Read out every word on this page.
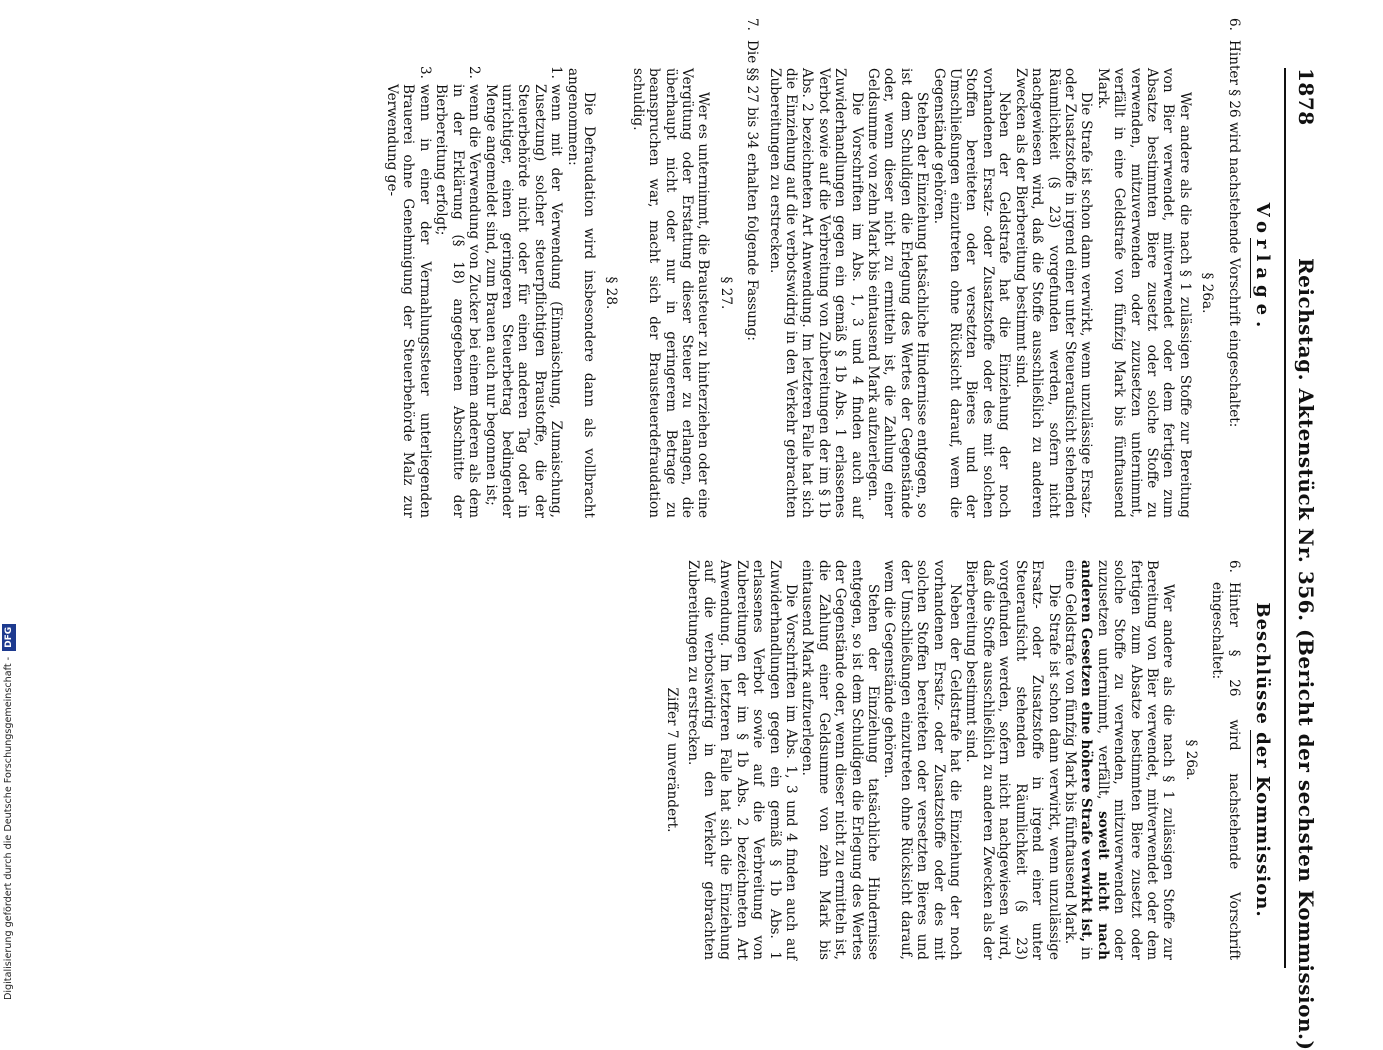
1878
Reichstag. Aktenstück Nr. 356. (Bericht der sechsten Kommission.)
Vorlage.

6.
Hinter § 26 wird nachstehende Vorschrift eingeschaltet:

§ 26a.

Wer andere als die nach § 1 zulässigen Stoffe zur Bereitung von Bier verwendet, mitverwendet oder dem fertigen zum Absatze bestimmten Biere zusetzt oder solche Stoffe zu verwenden, mitzuverwenden oder zuzusetzen unternimmt, verfällt in eine Geldstrafe von fünfzig Mark bis fünftausend Mark.

Die Strafe ist schon dann verwirkt, wenn unzulässige Ersatz- oder Zusatzstoffe in irgend einer unter Steueraufsicht stehenden Räumlichkeit (§ 23) vorgefunden werden, sofern nicht nachgewiesen wird, daß die Stoffe ausschließlich zu anderen Zwecken als der Bierbereitung bestimmt sind.

Neben der Geldstrafe hat die Einziehung der noch vorhandenen Ersatz- oder Zusatzstoffe oder des mit solchen Stoffen bereiteten oder versetzten Bieres und der Umschließungen einzutreten ohne Rücksicht darauf, wem die Gegenstände gehören.

Stehen der Einziehung tatsächliche Hindernisse entgegen, so ist dem Schuldigen die Erlegung des Wertes der Gegenstände oder, wenn dieser nicht zu ermitteln ist, die Zahlung einer Geldsumme von zehn Mark bis eintausend Mark aufzuerlegen.

Die Vorschriften im Abs. 1, 3 und 4 finden auch auf Zuwiderhandlungen gegen ein gemäß § 1b Abs. 1 erlassenes Verbot sowie auf die Verbreitung von Zubereitungen der im § 1b Abs. 2 bezeichneten Art Anwendung. Im letzteren Falle hat sich die Einziehung auf die verbotswidrig in den Verkehr gebrachten Zubereitungen zu erstrecken.

7.
Die §§ 27 bis 34 erhalten folgende Fassung:

§ 27.

Wer es unternimmt, die Brausteuer zu hinterziehen oder eine Vergütung oder Erstattung dieser Steuer zu erlangen, die überhaupt nicht oder nur in geringerem Betrage zu beanspruchen war, macht sich der Brausteuerdefraudation schuldig.

§ 28.

Die Defraudation wird insbesondere dann als vollbracht angenommen:

1.
wenn mit der Verwendung (Einmaischung, Zumaischung, Zusetzung) solcher steuerpflichtigen Braustoffe, die der Steuerbehörde nicht oder für einen anderen Tag oder in unrichtiger, einen geringeren Steuerbetrag bedingender Menge angemeldet sind, zum Brauen auch nur begonnen ist;

2.
wenn die Verwendung von Zucker bei einem anderen als dem in der Erklärung (§ 18) angegebenen Abschnitte der Bierbereitung erfolgt;

3.
wenn in einer der Vermahlungssteuer unterliegenden Brauerei ohne Genehmigung der Steuerbehörde Malz zur Verwendung ge-

Beschlüsse der Kommission.

6.
Hinter § 26 wird nachstehende Vorschrift eingeschaltet:

§ 26a.

Wer andere als die nach § 1 zulässigen Stoffe zur Bereitung von Bier verwendet, mitverwendet oder dem fertigen zum Absatze bestimmten Biere zusetzt oder solche Stoffe zu verwenden, mitzuverwenden oder zuzusetzen unternimmt, verfällt, soweit nicht nach anderen Gesetzen eine höhere Strafe verwirkt ist, in eine Geldstrafe von fünfzig Mark bis fünftausend Mark.

Die Strafe ist schon dann verwirkt, wenn unzulässige Ersatz- oder Zusatzstoffe in irgend einer unter Steueraufsicht stehenden Räumlichkeit (§ 23) vorgefunden werden, sofern nicht nachgewiesen wird, daß die Stoffe ausschließlich zu anderen Zwecken als der Bierbereitung bestimmt sind.

Neben der Geldstrafe hat die Einziehung der noch vorhandenen Ersatz- oder Zusatzstoffe oder des mit solchen Stoffen bereiteten oder versetzten Bieres und der Umschließungen einzutreten ohne Rücksicht darauf, wem die Gegenstände gehören.

Stehen der Einziehung tatsächliche Hindernisse entgegen, so ist dem Schuldigen die Erlegung des Wertes der Gegenstände oder, wenn dieser nicht zu ermitteln ist, die Zahlung einer Geldsumme von zehn Mark bis eintausend Mark aufzuerlegen.

Die Vorschriften im Abs. 1, 3 und 4 finden auch auf Zuwiderhandlungen gegen ein gemäß § 1b Abs. 1 erlassenes Verbot sowie auf die Verbreitung von Zubereitungen der im § 1b Abs. 2 bezeichneten Art Anwendung. Im letzteren Falle hat sich die Einziehung auf die verbotswidrig in den Verkehr gebrachten Zubereitungen zu erstrecken.

Ziffer 7 unverändert.

Digitalisierung gefördert durch die Deutsche Forschungsgemeinschaft -DFG
